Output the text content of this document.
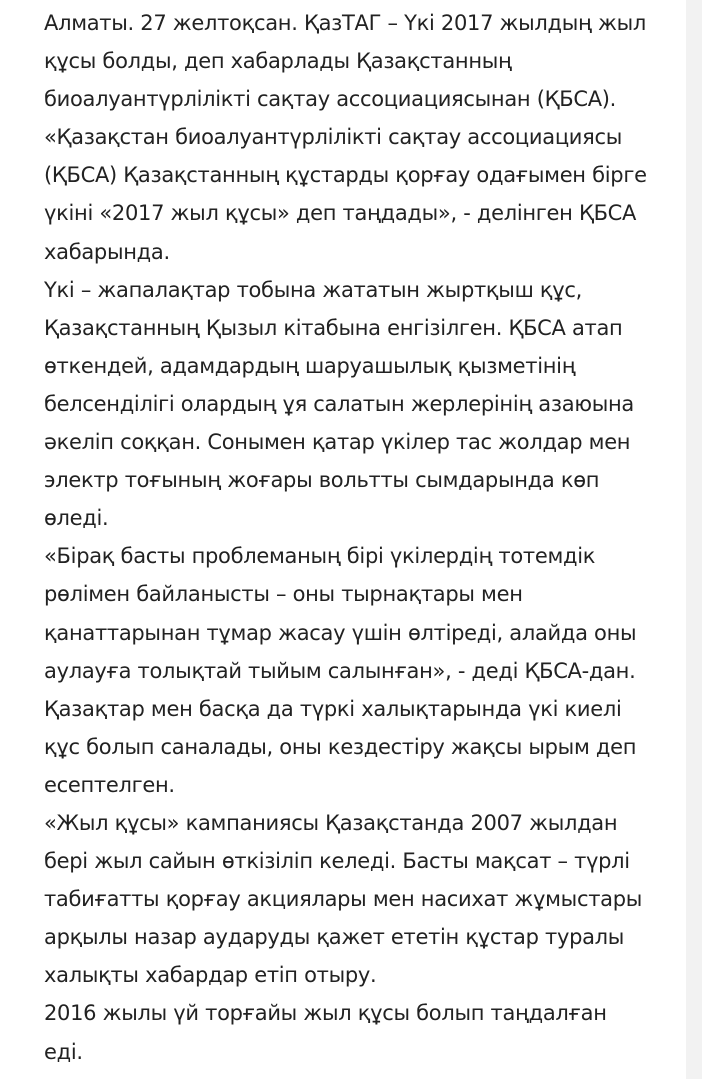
Алматы. 27 желтоқсан. ҚазТАГ – Үкі 2017 жылдың жыл
құсы болды, деп хабарлады Қазақстанның
биоалуантүрлілікті сақтау ассоциациясынан (ҚБСА).

«Қазақстан биоалуантүрлілікті сақтау ассоциациясы
(ҚБСА) Қазақстанның құстарды қорғау одағымен бірге
үкіні «2017 жыл құсы» деп таңдады», - делінген ҚБСА
хабарында.

Үкі – жапалақтар тобына жататын жыртқыш құс,
Қазақстанның Қызыл кітабына енгізілген. ҚБСА атап
өткендей, адамдардың шаруашылық қызметінің
белсенділігі олардың ұя салатын жерлерінің азаюына
әкеліп соққан. Сонымен қатар үкілер тас жолдар мен
электр тоғының жоғары вольтты сымдарында көп
өледі.

«Бірақ басты проблеманың бірі үкілердің тотемдік
рөлімен байланысты – оны тырнақтары мен
қанаттарынан тұмар жасау үшін өлтіреді, алайда оны
аулауға толықтай тыйым салынған», - деді ҚБСА-дан.

Қазақтар мен басқа да түркі халықтарында үкі киелі
құс болып саналады, оны кездестіру жақсы ырым деп
есептелген.

«Жыл құсы» кампаниясы Қазақстанда 2007 жылдан
бері жыл сайын өткізіліп келеді. Басты мақсат – түрлі
табиғатты қорғау акциялары мен насихат жұмыстары
арқылы назар аударуды қажет ететін құстар туралы
халықты хабардар етіп отыру.

2016 жылы үй торғайы жыл құсы болып таңдалған
еді.
